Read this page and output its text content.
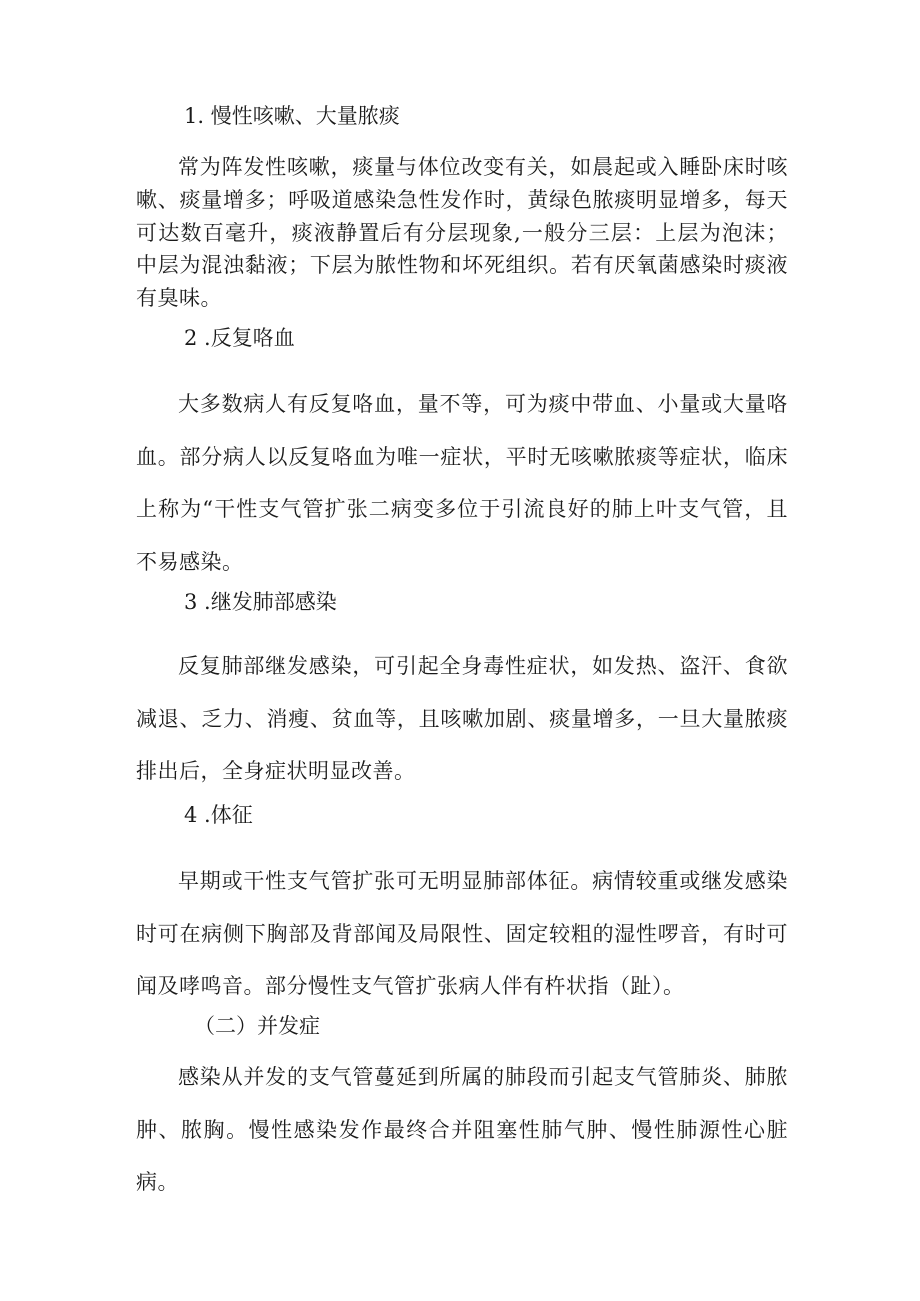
1. 慢性咳嗽、大量脓痰

常为阵发性咳嗽，痰量与体位改变有关，如晨起或入睡卧床时咳嗽、痰量增多；呼吸道感染急性发作时，黄绿色脓痰明显增多，每天可达数百毫升，痰液静置后有分层现象,一般分三层：上层为泡沫；中层为混浊黏液；下层为脓性物和坏死组织。若有厌氧菌感染时痰液有臭味。

2 .反复咯血

大多数病人有反复咯血，量不等，可为痰中带血、小量或大量咯血。部分病人以反复咯血为唯一症状，平时无咳嗽脓痰等症状，临床上称为“干性支气管扩张二病变多位于引流良好的肺上叶支气管，且不易感染。

3 .继发肺部感染

反复肺部继发感染，可引起全身毒性症状，如发热、盗汗、食欲减退、乏力、消瘦、贫血等，且咳嗽加剧、痰量增多，一旦大量脓痰排出后，全身症状明显改善。

4 .体征

早期或干性支气管扩张可无明显肺部体征。病情较重或继发感染时可在病侧下胸部及背部闻及局限性、固定较粗的湿性啰音，有时可闻及哮鸣音。部分慢性支气管扩张病人伴有杵状指（趾）。

（二）并发症

感染从并发的支气管蔓延到所属的肺段而引起支气管肺炎、肺脓肿、脓胸。慢性感染发作最终合并阻塞性肺气肿、慢性肺源性心脏病。
